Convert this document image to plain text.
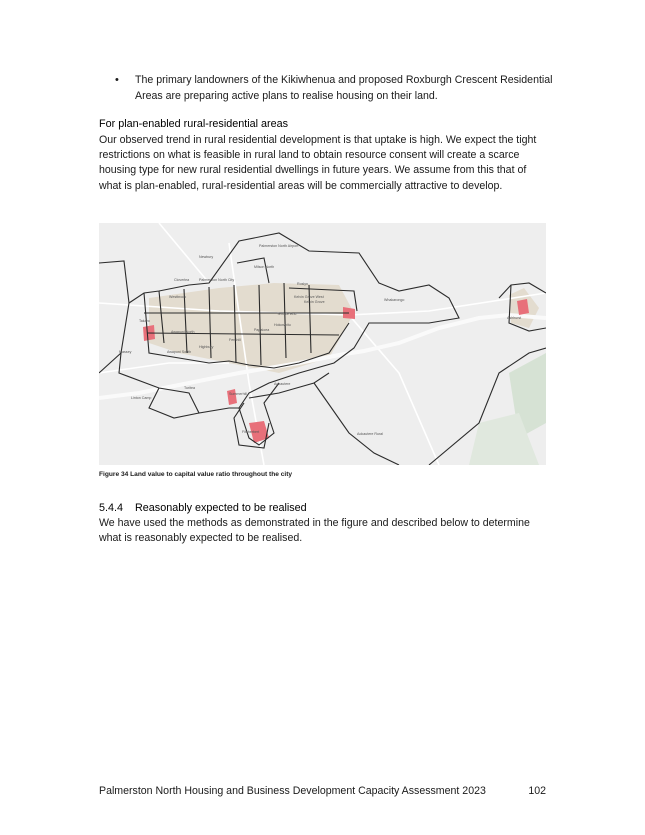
• The primary landowners of the Kikiwhenua and proposed Roxburgh Crescent Residential Areas are preparing active plans to realise housing on their land.
For plan-enabled rural-residential areas
Our observed trend in rural residential development is that uptake is high. We expect the tight restrictions on what is feasible in rural land to obtain resource consent will create a scarce housing type for new rural residential dwellings in future years. We assume from this that of what is plan-enabled, rural-residential areas will be commercially attractive to develop.
Newbury
Palmerston North Airport
Milson North
Cloverlea	Palmerston North City
Westbrook	Kelvin Grove West
Kelvin Grove	Whakarongo
Ashhurst
Takaro
Hokowhitu
Awapuni North
Fernhill
Highbury
Awapuni South
Massey
Turitea
Linton Camp
Aokautere
Aokautere Rural
Papaioea
Roslyn
Terrace End
Summerhill
Fitzherbert
Figure 34 Land value to capital value ratio throughout the city
5.4.4 Reasonably expected to be realised
We have used the methods as demonstrated in the figure and described below to determine what is reasonably expected to be realised.
Palmerston North Housing and Business Development Capacity Assessment 2023	102
